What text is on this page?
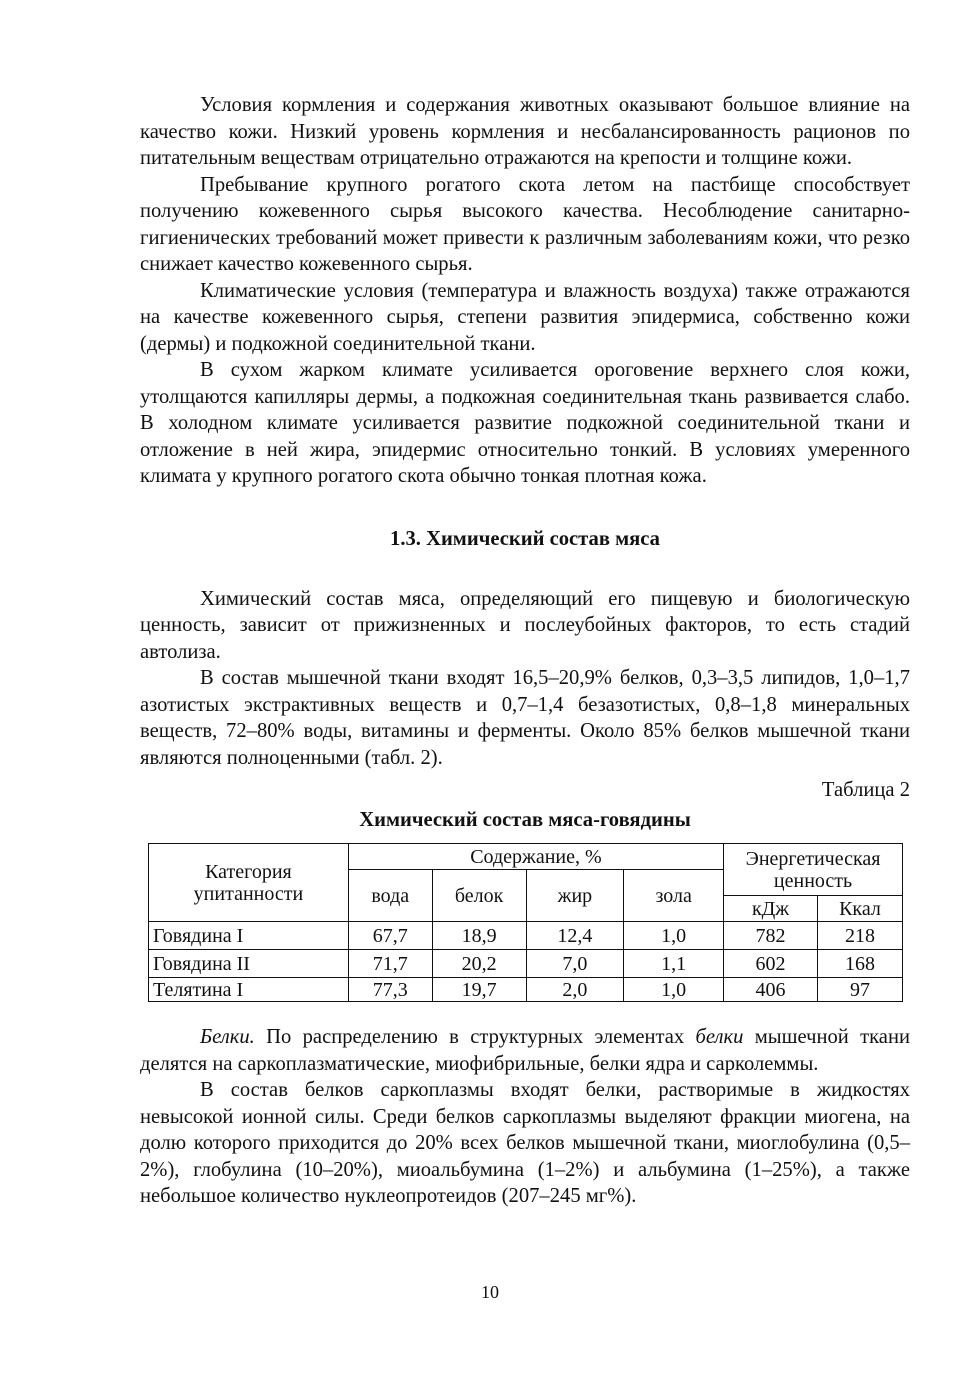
Условия кормления и содержания животных оказывают большое влияние на качество кожи. Низкий уровень кормления и несбалансированность рационов по питательным веществам отрицательно отражаются на крепости и толщине кожи.

Пребывание крупного рогатого скота летом на пастбище способствует получению кожевенного сырья высокого качества. Несоблюдение санитарно-гигиенических требований может привести к различным заболеваниям кожи, что резко снижает качество кожевенного сырья.

Климатические условия (температура и влажность воздуха) также отражаются на качестве кожевенного сырья, степени развития эпидермиса, собственно кожи (дермы) и подкожной соединительной ткани.

В сухом жарком климате усиливается ороговение верхнего слоя кожи, утолщаются капилляры дермы, а подкожная соединительная ткань развивается слабо. В холодном климате усиливается развитие подкожной соединительной ткани и отложение в ней жира, эпидермис относительно тонкий. В условиях умеренного климата у крупного рогатого скота обычно тонкая плотная кожа.

1.3. Химический состав мяса

Химический состав мяса, определяющий его пищевую и биологическую ценность, зависит от прижизненных и послеубойных факторов, то есть стадий автолиза.

В состав мышечной ткани входят 16,5–20,9% белков, 0,3–3,5 липидов, 1,0–1,7 азотистых экстрактивных веществ и 0,7–1,4 безазотистых, 0,8–1,8 минеральных веществ, 72–80% воды, витамины и ферменты. Около 85% белков мышечной ткани являются полноценными (табл. 2).

Таблица 2
Химический состав мяса-говядины
Категория упитанности	Содержание, %				Энергетическая ценность	
	вода	белок	жир	зола		
					кДж	Ккал
Говядина I	67,7	18,9	12,4	1,0	782	218
Говядина II	71,7	20,2	7,0	1,1	602	168
Телятина I	77,3	19,7	2,0	1,0	406	97

Белки. По распределению в структурных элементах белки мышечной ткани делятся на саркоплазматические, миофибрильные, белки ядра и сарколеммы.

В состав белков саркоплазмы входят белки, растворимые в жидкостях невысокой ионной силы. Среди белков саркоплазмы выделяют фракции миогена, на долю которого приходится до 20% всех белков мышечной ткани, миоглобулина (0,5–2%), глобулина (10–20%), миоальбумина (1–2%) и альбумина (1–25%), а также небольшое количество нуклеопротеидов (207–245 мг%).

10
